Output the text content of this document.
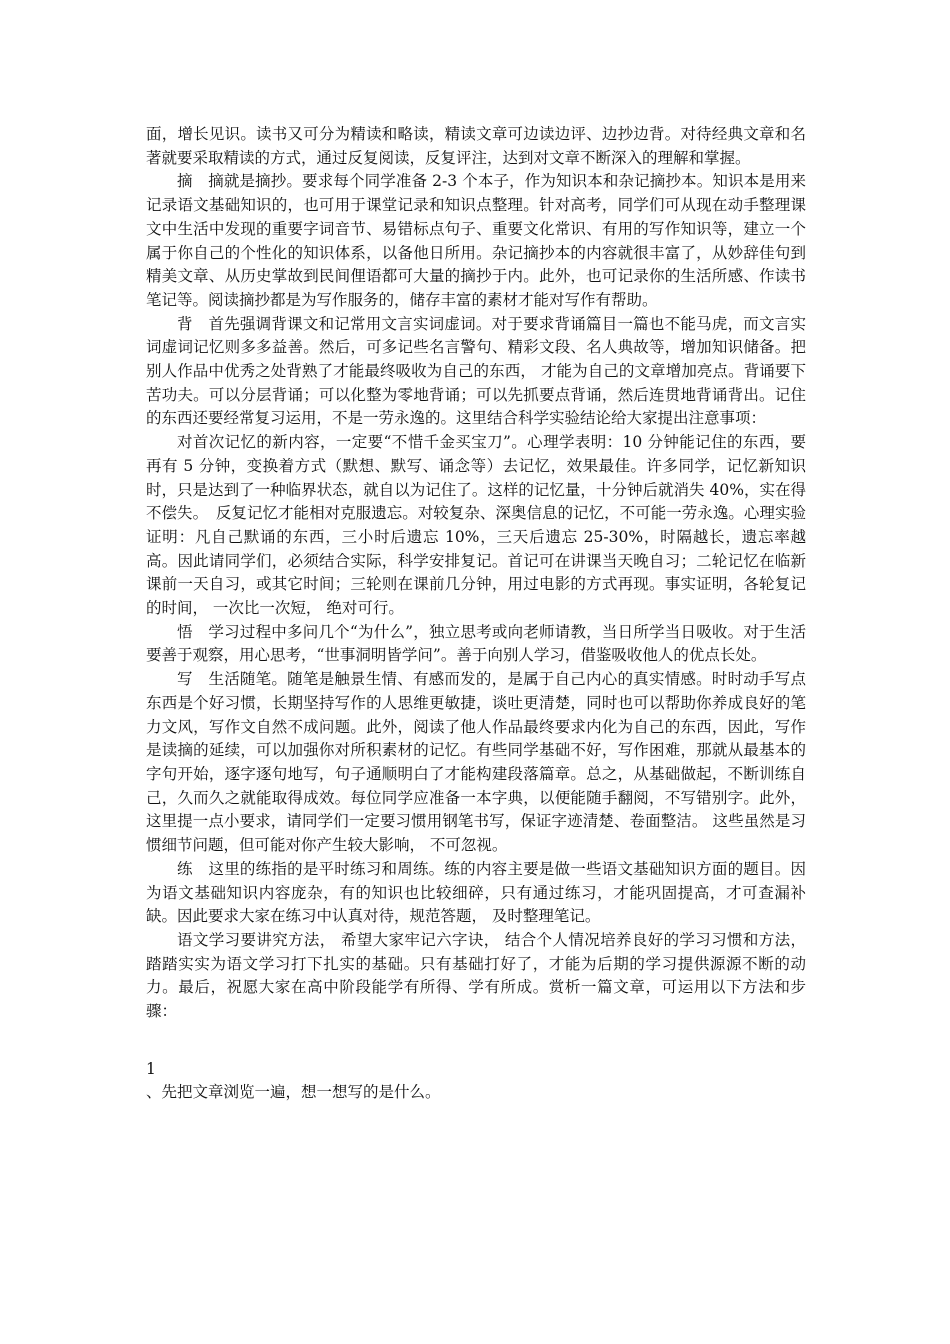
面，增长见识。读书又可分为精读和略读，精读文章可边读边评、边抄边背。对待经典文章和名著就要采取精读的方式，通过反复阅读，反复评注，达到对文章不断深入的理解和掌握。

摘　摘就是摘抄。要求每个同学准备 2-3 个本子，作为知识本和杂记摘抄本。知识本是用来记录语文基础知识的，也可用于课堂记录和知识点整理。针对高考，同学们可从现在动手整理课文中生活中发现的重要字词音节、易错标点句子、重要文化常识、有用的写作知识等，建立一个属于你自己的个性化的知识体系，以备他日所用。杂记摘抄本的内容就很丰富了，从妙辞佳句到精美文章、从历史掌故到民间俚语都可大量的摘抄于内。此外，也可记录你的生活所感、作读书笔记等。阅读摘抄都是为写作服务的，储存丰富的素材才能对写作有帮助。

背　首先强调背课文和记常用文言实词虚词。对于要求背诵篇目一篇也不能马虎，而文言实词虚词记忆则多多益善。然后，可多记些名言警句、精彩文段、名人典故等，增加知识储备。把别人作品中优秀之处背熟了才能最终吸收为自己的东西， 才能为自己的文章增加亮点。背诵要下苦功夫。可以分层背诵；可以化整为零地背诵；可以先抓要点背诵，然后连贯地背诵背出。记住的东西还要经常复习运用，不是一劳永逸的。这里结合科学实验结论给大家提出注意事项：

对首次记忆的新内容，一定要“不惜千金买宝刀”。心理学表明：10 分钟能记住的东西，要再有 5 分钟，变换着方式（默想、默写、诵念等）去记忆，效果最佳。许多同学，记忆新知识时，只是达到了一种临界状态，就自以为记住了。这样的记忆量，十分钟后就消失 40%，实在得不偿失。　反复记忆才能相对克服遗忘。对较复杂、深奥信息的记忆，不可能一劳永逸。心理实验证明：凡自己默诵的东西，三小时后遗忘 10%，三天后遗忘 25-30%，时隔越长，遗忘率越高。因此请同学们，必须结合实际，科学安排复记。首记可在讲课当天晚自习；二轮记忆在临新课前一天自习，或其它时间；三轮则在课前几分钟，用过电影的方式再现。事实证明，各轮复记的时间， 一次比一次短， 绝对可行。

悟　学习过程中多问几个“为什么”，独立思考或向老师请教，当日所学当日吸收。对于生活要善于观察，用心思考，“世事洞明皆学问”。善于向别人学习，借鉴吸收他人的优点长处。

写　生活随笔。随笔是触景生情、有感而发的，是属于自己内心的真实情感。时时动手写点东西是个好习惯，长期坚持写作的人思维更敏捷，谈吐更清楚，同时也可以帮助你养成良好的笔力文风，写作文自然不成问题。此外，阅读了他人作品最终要求内化为自己的东西，因此，写作是读摘的延续，可以加强你对所积素材的记忆。有些同学基础不好，写作困难，那就从最基本的字句开始，逐字逐句地写，句子通顺明白了才能构建段落篇章。总之，从基础做起，不断训练自己，久而久之就能取得成效。每位同学应准备一本字典，以便能随手翻阅，不写错别字。此外，这里提一点小要求，请同学们一定要习惯用钢笔书写，保证字迹清楚、卷面整洁。 这些虽然是习惯细节问题，但可能对你产生较大影响， 不可忽视。

练　这里的练指的是平时练习和周练。练的内容主要是做一些语文基础知识方面的题目。因为语文基础知识内容庞杂，有的知识也比较细碎，只有通过练习，才能巩固提高，才可查漏补缺。因此要求大家在练习中认真对待，规范答题， 及时整理笔记。

语文学习要讲究方法， 希望大家牢记六字诀， 结合个人情况培养良好的学习习惯和方法，踏踏实实为语文学习打下扎实的基础。只有基础打好了，才能为后期的学习提供源源不断的动力。最后，祝愿大家在高中阶段能学有所得、学有所成。赏析一篇文章，可运用以下方法和步骤：

1

、先把文章浏览一遍，想一想写的是什么。
